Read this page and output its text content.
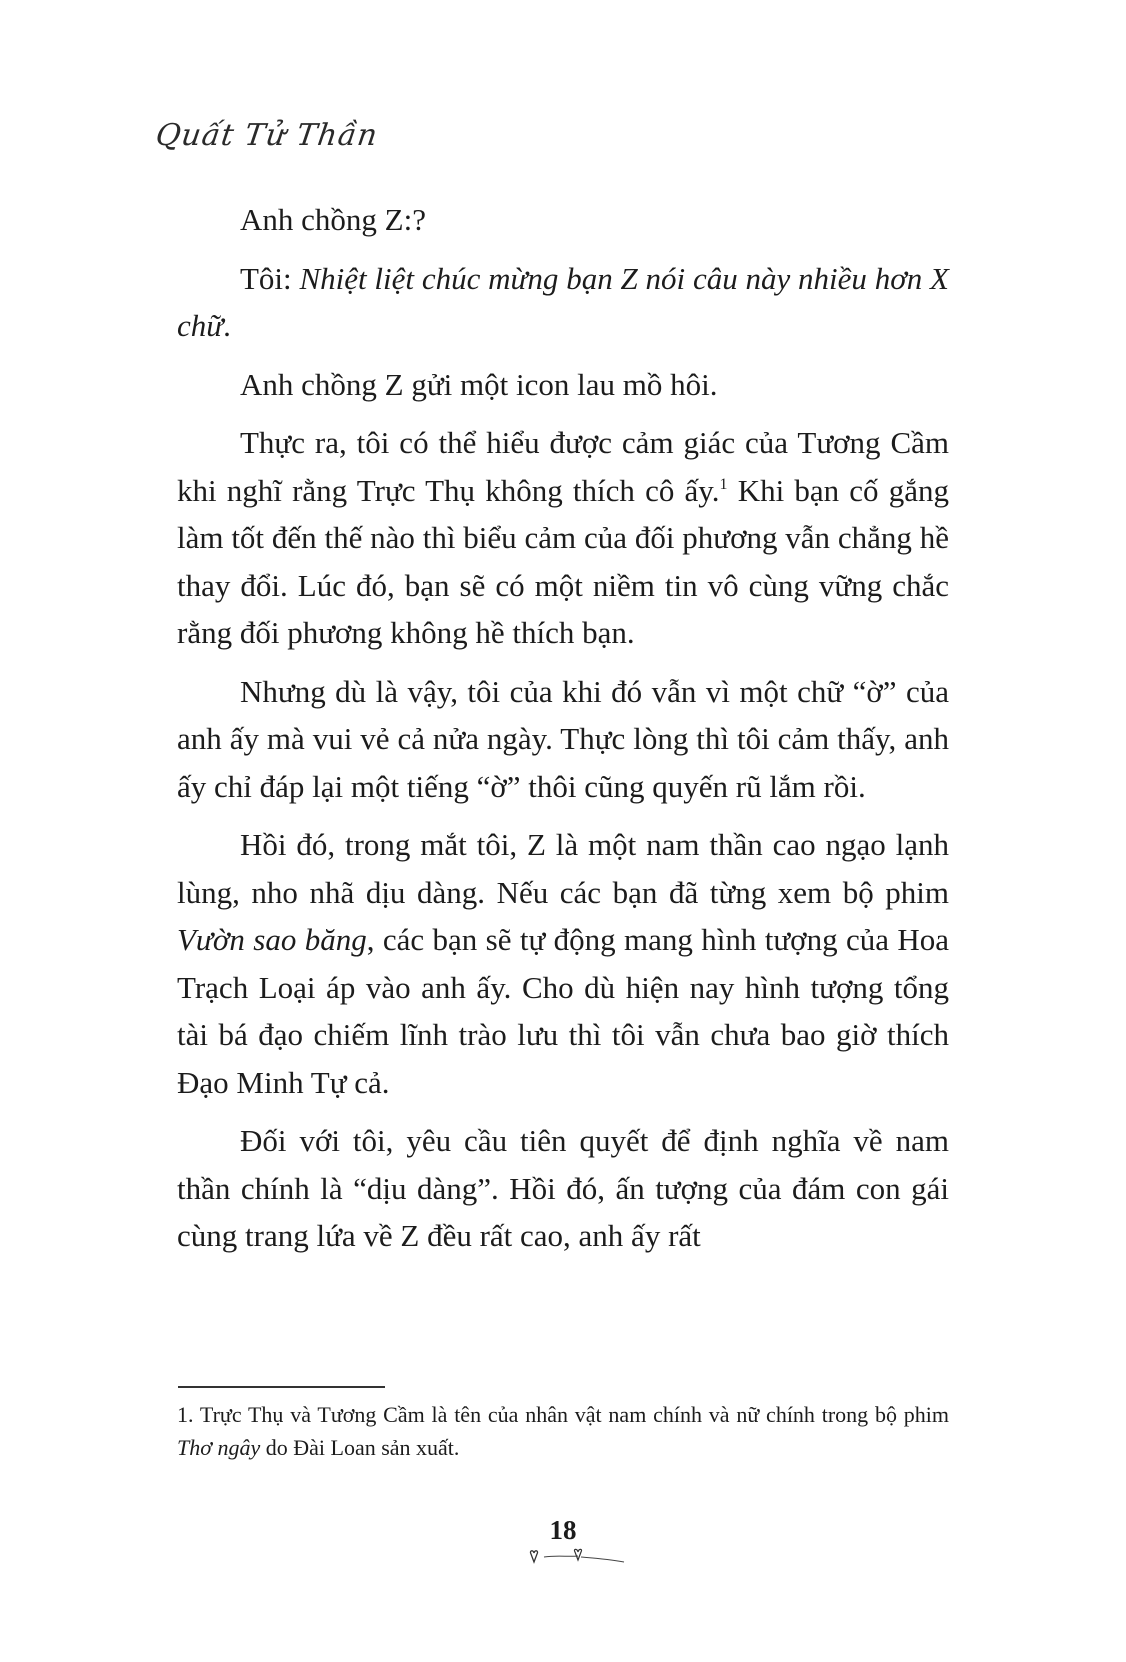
Quất Tử Thần

Anh chồng Z:?

Tôi: Nhiệt liệt chúc mừng bạn Z nói câu này nhiều hơn X chữ.

Anh chồng Z gửi một icon lau mồ hôi.

Thực ra, tôi có thể hiểu được cảm giác của Tương Cầm khi nghĩ rằng Trực Thụ không thích cô ấy.$^1$ Khi bạn cố gắng làm tốt đến thế nào thì biểu cảm của đối phương vẫn chẳng hề thay đổi. Lúc đó, bạn sẽ có một niềm tin vô cùng vững chắc rằng đối phương không hề thích bạn.

Nhưng dù là vậy, tôi của khi đó vẫn vì một chữ “ờ” của anh ấy mà vui vẻ cả nửa ngày. Thực lòng thì tôi cảm thấy, anh ấy chỉ đáp lại một tiếng “ờ” thôi cũng quyến rũ lắm rồi.

Hồi đó, trong mắt tôi, Z là một nam thần cao ngạo lạnh lùng, nho nhã dịu dàng. Nếu các bạn đã từng xem bộ phim Vườn sao băng, các bạn sẽ tự động mang hình tượng của Hoa Trạch Loại áp vào anh ấy. Cho dù hiện nay hình tượng tổng tài bá đạo chiếm lĩnh trào lưu thì tôi vẫn chưa bao giờ thích Đạo Minh Tự cả.

Đối với tôi, yêu cầu tiên quyết để định nghĩa về nam thần chính là “dịu dàng”. Hồi đó, ấn tượng của đám con gái cùng trang lứa về Z đều rất cao, anh ấy rất

1. Trực Thụ và Tương Cầm là tên của nhân vật nam chính và nữ chính trong bộ phim Thơ ngây do Đài Loan sản xuất.
18
